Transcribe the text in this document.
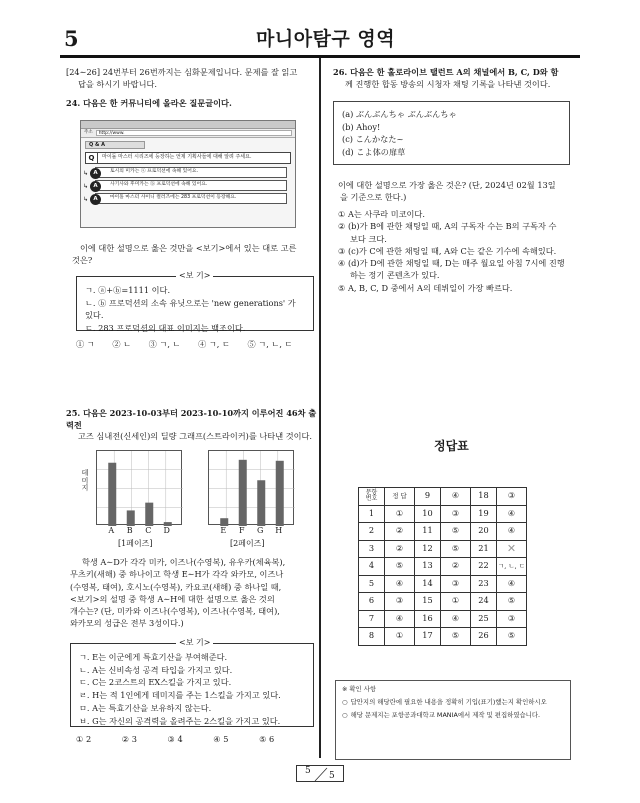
5	마니아탐구 영역
[24∼26] 24번부터 26번까지는 심화문제입니다. 문제를 잘 읽고
답을 하시기 바랍니다.
24. 다음은 한 커뮤니티에 올라온 질문글이다.
주소	http://www.
Q & A
Q	마이돌 마스터 시리즈에 등장하는 언제 기획사들에 대해 알려 주세요.
↳ A	토시의 미카는 ⓐ 프로덕션에 속해 있어요.
↳ A	사기사와 후미카는 ⓑ 프로덕션에 속해 있어요.
↳ A	마이돌 마스터 샤이니 컬러즈에는 283 프로덕션이 등장해요.
이에 대한 설명으로 옳은 것만을 <보기>에서 있는 대로 고른
것은?
ㄱ. ⓐ+ⓑ=1111 이다.
ㄴ. ⓑ 프로덕션의 소속 유닛으로는 'new generations' 가 있다.
ㄷ. 283 프로덕션의 대표 이미지는 백조이다.
<보 기>
① ㄱ ② ㄴ ③ ㄱ, ㄴ ④ ㄱ, ㄷ ⑤ ㄱ, ㄴ, ㄷ
25. 다음은 2023-10-03부터 2023-10-10까지 이루어진 46차 출력전
고즈 심내전(신세인)의 딜량 그래프(스트라이커)를 나타낸 것이다.
데
미
지
A	B	C	D	E	F	G	H
[1페이즈]	[2페이즈]
학생 A∼D가 각각 미카, 이즈나(수영복), 유우카(체육복),
무츠키(새해) 중 하나이고 학생 E∼H가 각각 와카모, 이즈나
(수영복, 태여), 호시노(수영복), 카요코(새해) 중 하나일 때,
<보기>의 설명 중 학생 A∼H에 대한 설명으로 옳은 것의
개수는? (단, 미카와 이즈나(수영복), 이즈나(수영복, 태여),
와카모의 성급은 전부 3성이다.)
ㄱ. E는 이군에게 특효기산을 부여해준다.
ㄴ. A는 신비속성 공격 타입을 가지고 있다.
ㄷ. C는 2코스트의 EX스킬을 가지고 있다.
ㄹ. H는 적 1인에게 데미지를 주는 1스킬을 가지고 있다.
ㅁ. A는 특효기산을 보유하지 않는다.
ㅂ. G는 자신의 공격력을 올려주는 2스킬을 가지고 있다.
<보 기>
① 2	② 3	③ 4	④ 5	⑤ 6
26. 다음은 한 홀로라이브 탤런트 A의 채널에서 B, C, D와 함
께 진행한 합동 방송의 시청자 채팅 기록을 나타낸 것이다.
(a) ぶんぶんちゃ ぶんぶんちゃ
(b) Ahoy!
(c) こんかなた~
(d) こよ体の扉草
이에 대한 설명으로 가장 옳은 것은? (단, 2024년 02월 13일
을 기준으로 한다.)
① A는 사쿠라 미코이다.
② (b)가 B에 관한 채팅일 때, A의 구독자 수는 B의 구독자 수
보다 크다.
③ (c)가 C에 관한 채팅일 때, A와 C는 같은 기수에 속해있다.
④ (d)가 D에 관한 채팅일 때, D는 매주 월요일 아침 7시에 진행
하는 정기 콘텐츠가 있다.
⑤ A, B, C, D 중에서 A의 데뷔일이 가장 빠르다.
정답표
문항
번호	정 답	9	④	18	③
1	①	10	③	19	④
2	②	11	⑤	20	④
3	②	12	⑤	21	✕
4	⑤	13	②	22	ㄱ, ㄴ, ㄷ
5	④	14	③	23	④
6	③	15	①	24	⑤
7	④	16	④	25	③
8	①	17	⑤	26	⑤
※ 확인 사항
○ 답안지의 해당란에 필요한 내용을 정확히 기입(표기)했는지 확인하시오
○ 해당 문제지는 포항공과대학교 MANIA에서 제작 및 편집하였습니다.
5 5
